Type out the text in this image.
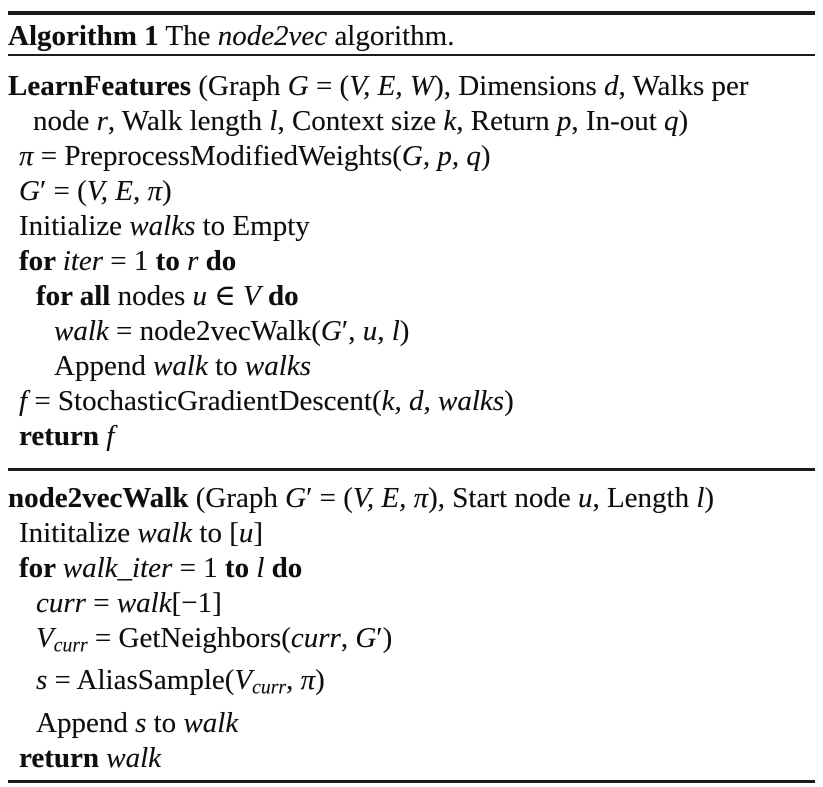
Algorithm 1 The node2vec algorithm.
LearnFeatures (Graph G = (V, E, W), Dimensions d, Walks per
node r, Walk length l, Context size k, Return p, In-out q)
π = PreprocessModifiedWeights(G, p, q)
G′ = (V, E, π)
Initialize walks to Empty
for iter = 1 to r do
for all nodes u ∈ V do
walk = node2vecWalk(G′, u, l)
Append walk to walks
f = StochasticGradientDescent(k, d, walks)
return f
node2vecWalk (Graph G′ = (V, E, π), Start node u, Length l)
Inititalize walk to [u]
for walk_iter = 1 to l do
curr = walk[−1]
Vcurr = GetNeighbors(curr, G′)
s = AliasSample(Vcurr, π)
Append s to walk
return walk
